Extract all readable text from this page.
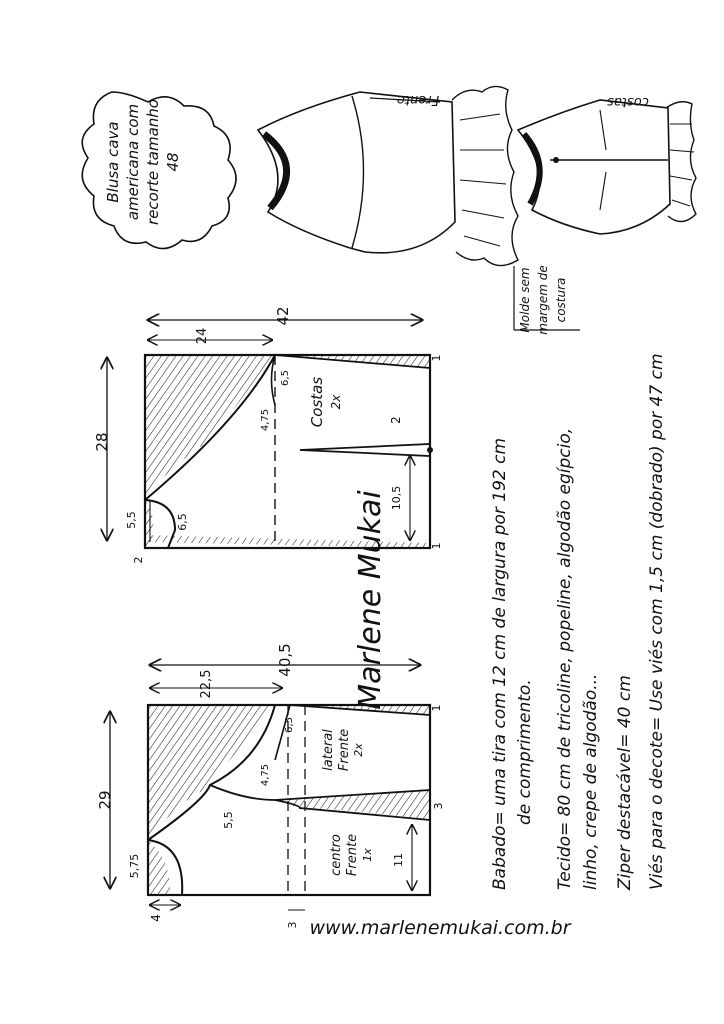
Blusa cava americana com recorte tamanho 48
Frente	costas
Molde sem margem de costura
28
42
24
5,5	6,5
6,5
4,75
10,5
2
1
1
2
Costas 2x
29
40,5
22,5
5,75
4
6,5
4,75
5,5
11
3
3
1
lateral Frente 2x
centro Frente 1x
Marlene Mukai	Babado= uma tira com 12 cm de largura por 192 cm de comprimento. Tecido= 80 cm de tricoline, popeline, algodão egípcio, linho, crepe de algodão... Ziper destacável= 40 cm Viés para o decote= Use viés com 1,5 cm (dobrado) por 47 cm
www.marlenemukai.com.br
